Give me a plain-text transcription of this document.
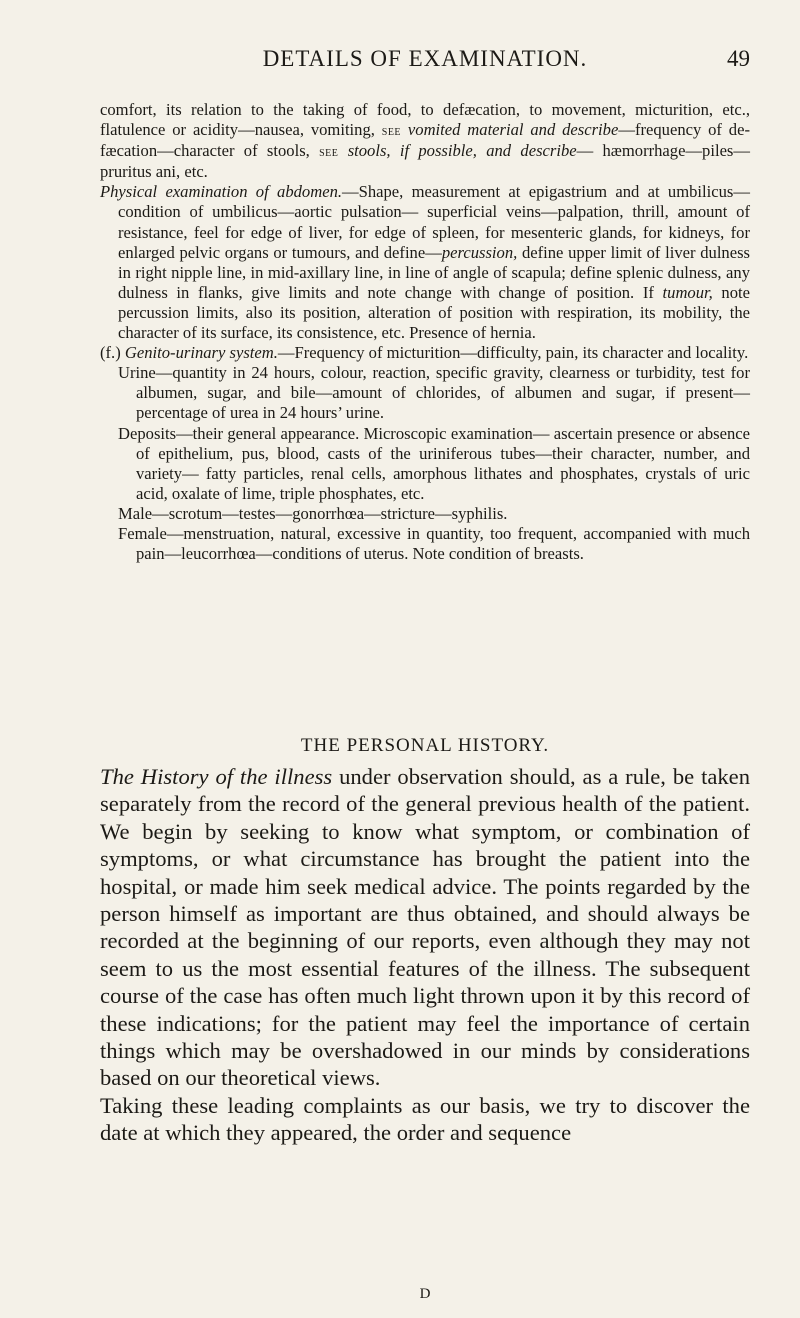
DETAILS OF EXAMINATION.	49

comfort, its relation to the taking of food, to defæcation, to movement, micturition, etc., flatulence or acidity—nausea, vomiting, see vomited material and describe—frequency of defæcation—character of stools, see stools, if possible, and describe— hæmorrhage—piles—pruritus ani, etc.

Physical examination of abdomen.—Shape, measurement at epigastrium and at umbilicus—condition of umbilicus—aortic pulsation— superficial veins—palpation, thrill, amount of resistance, feel for edge of liver, for edge of spleen, for mesenteric glands, for kidneys, for enlarged pelvic organs or tumours, and define—percussion, define upper limit of liver dulness in right nipple line, in mid-axillary line, in line of angle of scapula; define splenic dulness, any dulness in flanks, give limits and note change with change of position. If tumour, note percussion limits, also its position, alteration of position with respiration, its mobility, the character of its surface, its consistence, etc. Presence of hernia.

(f.) Genito-urinary system.—Frequency of micturition—difficulty, pain, its character and locality.

Urine—quantity in 24 hours, colour, reaction, specific gravity, clearness or turbidity, test for albumen, sugar, and bile—amount of chlorides, of albumen and sugar, if present—percentage of urea in 24 hours’ urine.

Deposits—their general appearance. Microscopic examination— ascertain presence or absence of epithelium, pus, blood, casts of the uriniferous tubes—their character, number, and variety— fatty particles, renal cells, amorphous lithates and phosphates, crystals of uric acid, oxalate of lime, triple phosphates, etc.

Male—scrotum—testes—gonorrhœa—stricture—syphilis.

Female—menstruation, natural, excessive in quantity, too frequent, accompanied with much pain—leucorrhœa—conditions of uterus. Note condition of breasts.

THE PERSONAL HISTORY.

The History of the illness under observation should, as a rule, be taken separately from the record of the general previous health of the patient. We begin by seeking to know what symptom, or combination of symptoms, or what circumstance has brought the patient into the hospital, or made him seek medical advice. The points regarded by the person himself as important are thus obtained, and should always be recorded at the beginning of our reports, even although they may not seem to us the most essential features of the illness. The subsequent course of the case has often much light thrown upon it by this record of these indications; for the patient may feel the importance of certain things which may be overshadowed in our minds by considerations based on our theoretical views.

Taking these leading complaints as our basis, we try to discover the date at which they appeared, the order and sequence

D
